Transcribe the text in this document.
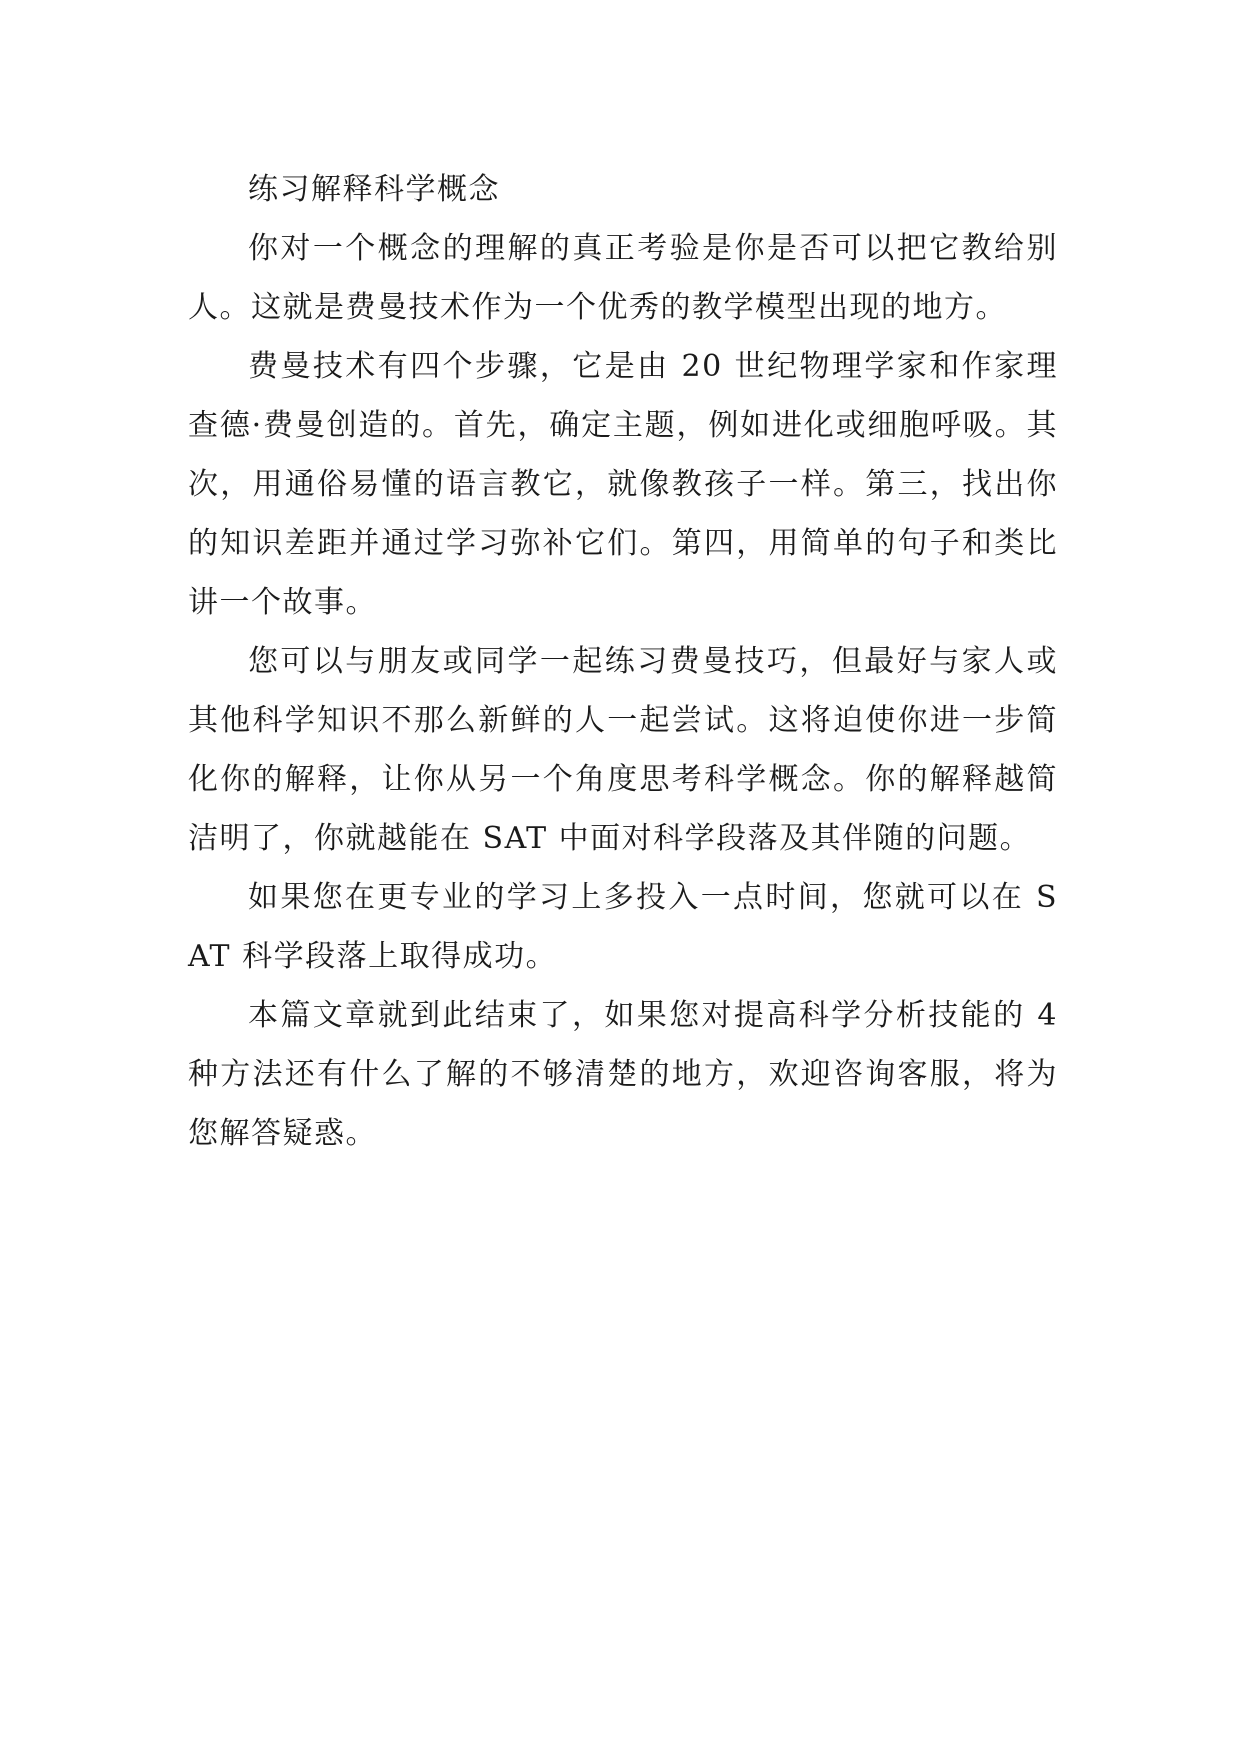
练习解释科学概念

你对一个概念的理解的真正考验是你是否可以把它教给别人。这就是费曼技术作为一个优秀的教学模型出现的地方。

费曼技术有四个步骤，它是由 20 世纪物理学家和作家理查德·费曼创造的。首先，确定主题，例如进化或细胞呼吸。其次，用通俗易懂的语言教它，就像教孩子一样。第三，找出你的知识差距并通过学习弥补它们。第四，用简单的句子和类比讲一个故事。

您可以与朋友或同学一起练习费曼技巧，但最好与家人或其他科学知识不那么新鲜的人一起尝试。这将迫使你进一步简化你的解释，让你从另一个角度思考科学概念。你的解释越简洁明了，你就越能在 SAT 中面对科学段落及其伴随的问题。

如果您在更专业的学习上多投入一点时间，您就可以在 SAT 科学段落上取得成功。

本篇文章就到此结束了，如果您对提高科学分析技能的 4 种方法还有什么了解的不够清楚的地方，欢迎咨询客服，将为您解答疑惑。
